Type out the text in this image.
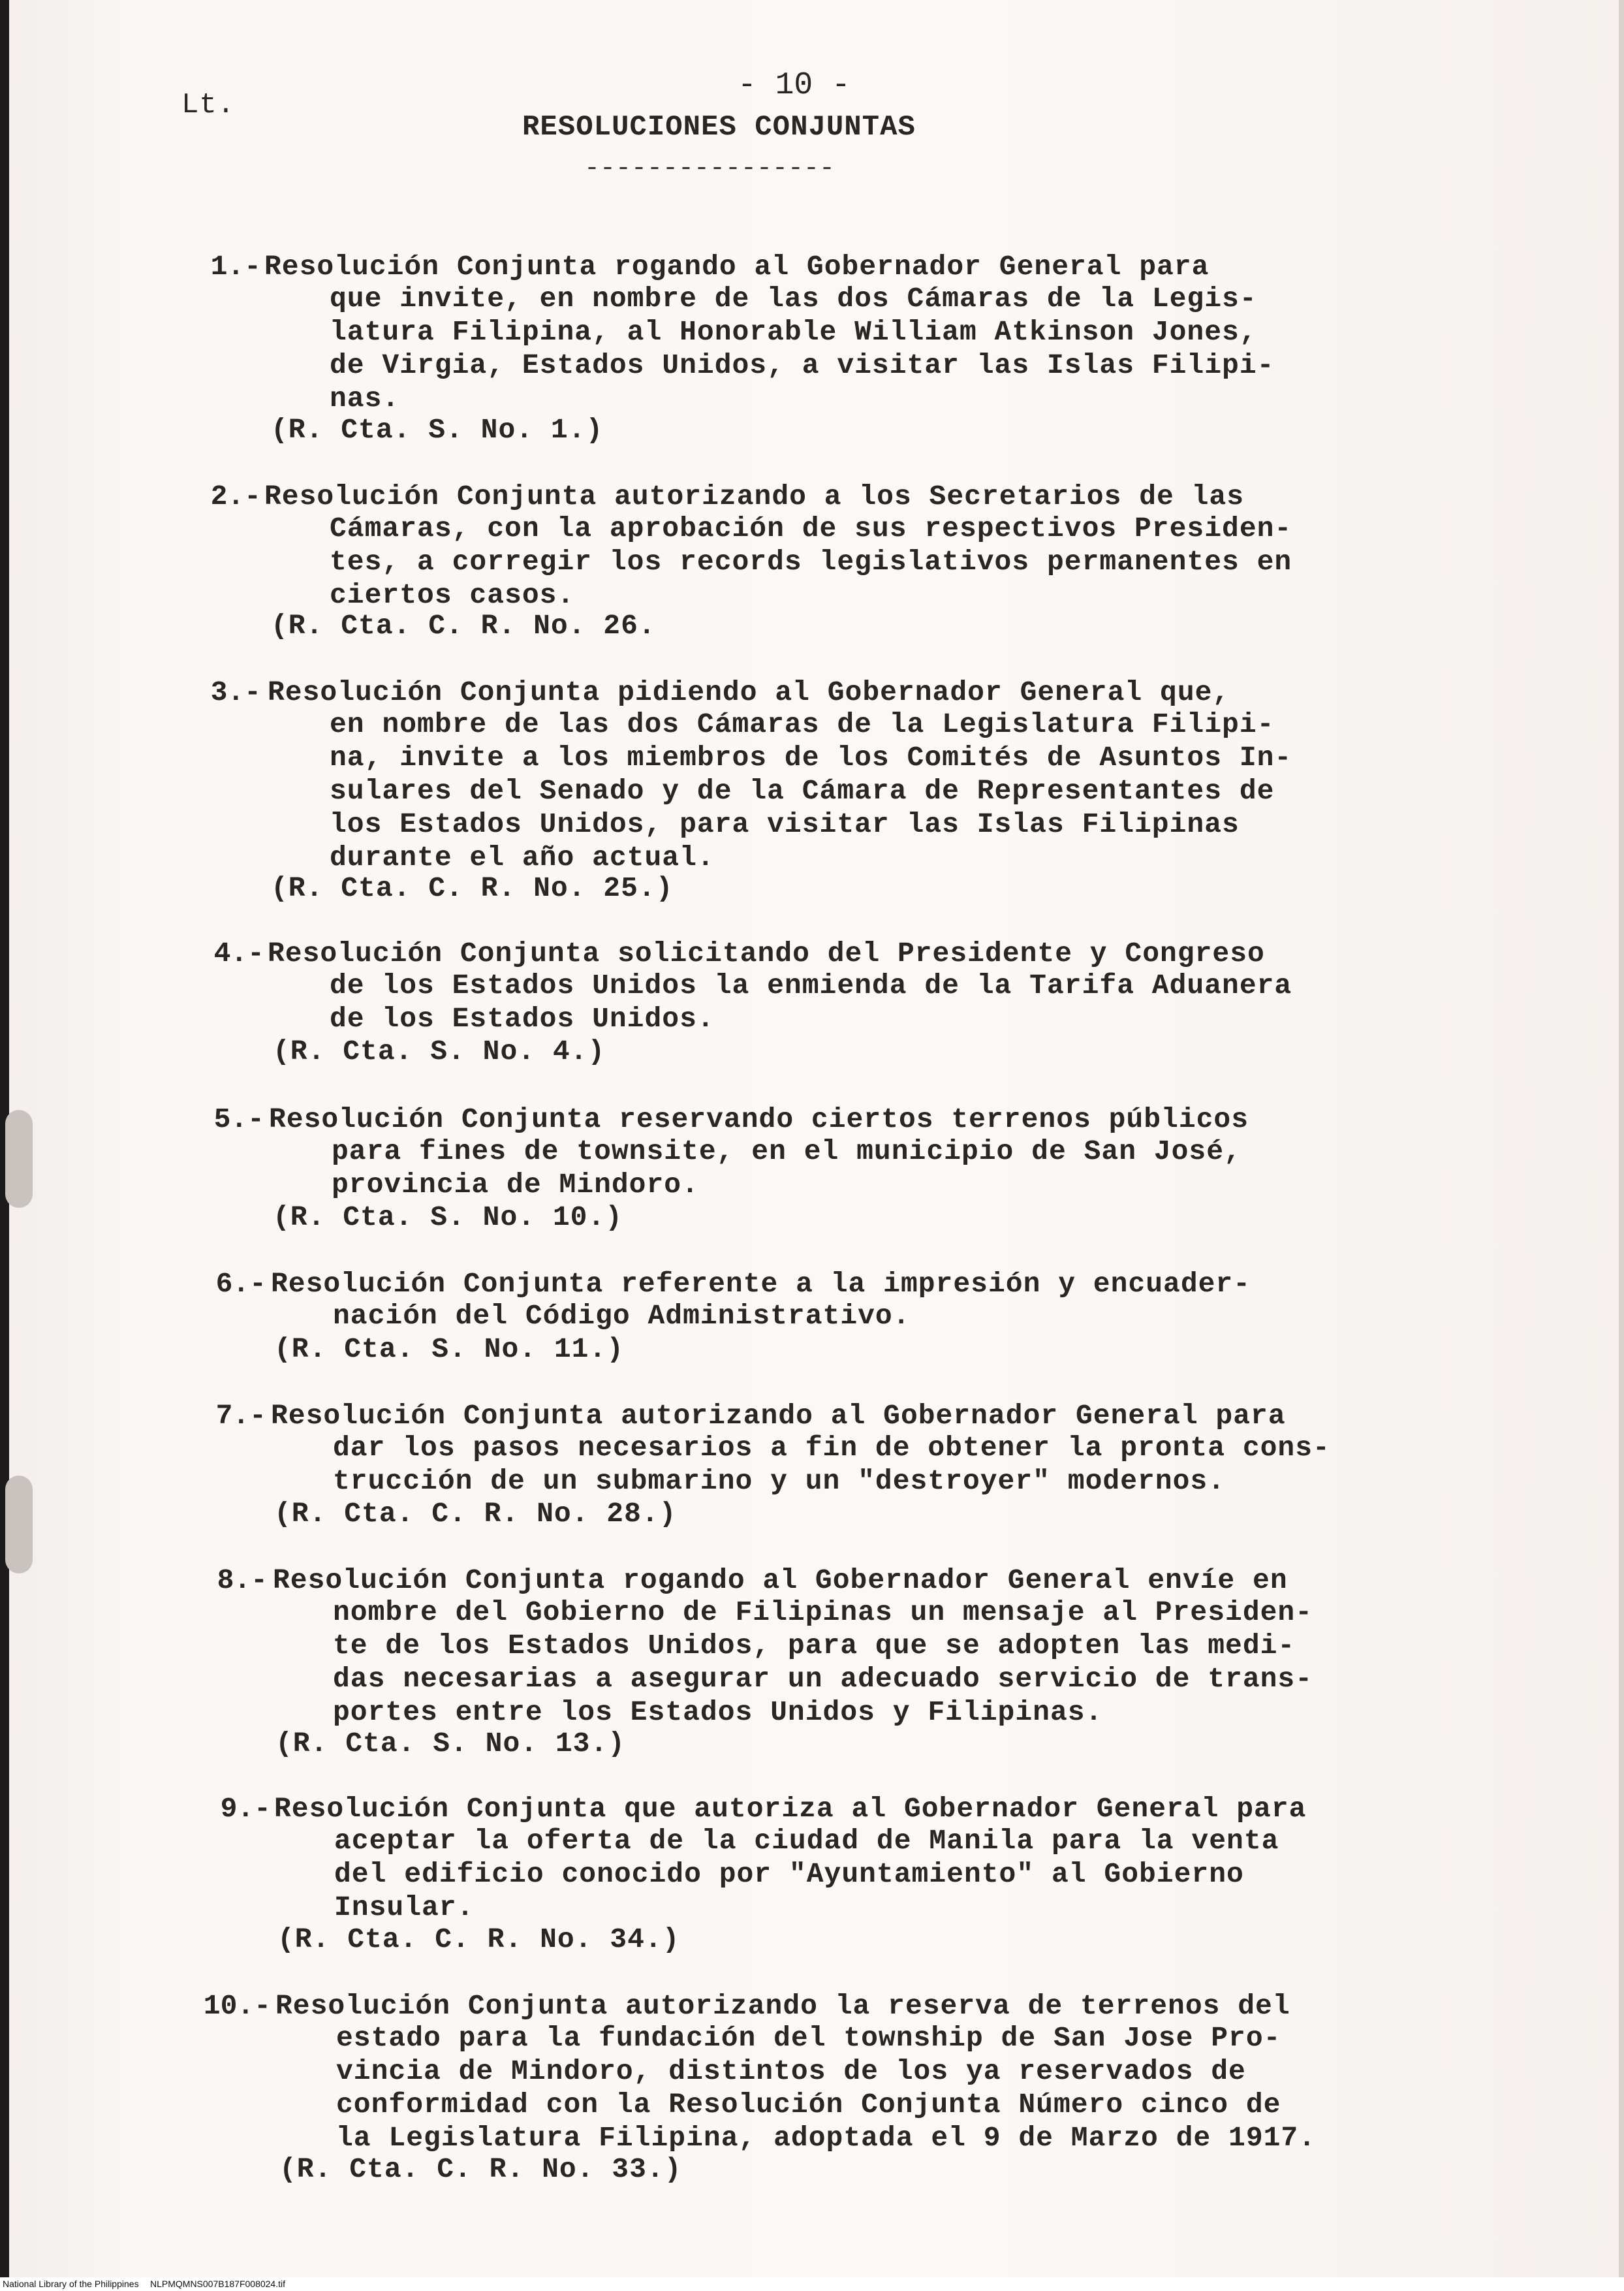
Lt.
- 10 -
RESOLUCIONES CONJUNTAS
----------------
1.- Resolución Conjunta rogando al Gobernador General para
que invite, en nombre de las dos Cámaras de la Legis-
latura Filipina, al Honorable William Atkinson Jones,
de Virgia, Estados Unidos, a visitar las Islas Filipi-
nas.
(R. Cta. S. No. 1.)
2.- Resolución Conjunta autorizando a los Secretarios de las
Cámaras, con la aprobación de sus respectivos Presiden-
tes, a corregir los records legislativos permanentes en
ciertos casos.
(R. Cta. C. R. No. 26.
3.- Resolución Conjunta pidiendo al Gobernador General que,
en nombre de las dos Cámaras de la Legislatura Filipi-
na, invite a los miembros de los Comités de Asuntos In-
sulares del Senado y de la Cámara de Representantes de
los Estados Unidos, para visitar las Islas Filipinas
durante el año actual.
(R. Cta. C. R. No. 25.)
4.- Resolución Conjunta solicitando del Presidente y Congreso
de los Estados Unidos la enmienda de la Tarifa Aduanera
de los Estados Unidos.
(R. Cta. S. No. 4.)
5.- Resolución Conjunta reservando ciertos terrenos públicos
para fines de townsite, en el municipio de San José,
provincia de Mindoro.
(R. Cta. S. No. 10.)
6.- Resolución Conjunta referente a la impresión y encuader-
nación del Código Administrativo.
(R. Cta. S. No. 11.)
7.- Resolución Conjunta autorizando al Gobernador General para
dar los pasos necesarios a fin de obtener la pronta cons-
trucción de un submarino y un "destroyer" modernos.
(R. Cta. C. R. No. 28.)
8.- Resolución Conjunta rogando al Gobernador General envíe en
nombre del Gobierno de Filipinas un mensaje al Presiden-
te de los Estados Unidos, para que se adopten las medi-
das necesarias a asegurar un adecuado servicio de trans-
portes entre los Estados Unidos y Filipinas.
(R. Cta. S. No. 13.)
9.- Resolución Conjunta que autoriza al Gobernador General para
aceptar la oferta de la ciudad de Manila para la venta
del edificio conocido por "Ayuntamiento" al Gobierno
Insular.
(R. Cta. C. R. No. 34.)
10.- Resolución Conjunta autorizando la reserva de terrenos del
estado para la fundación del township de San Jose Pro-
vincia de Mindoro, distintos de los ya reservados de
conformidad con la Resolución Conjunta Número cinco de
la Legislatura Filipina, adoptada el 9 de Marzo de 1917.
(R. Cta. C. R. No. 33.)
National Library of the Philippines NLPMQMNS007B187F008024.tif
